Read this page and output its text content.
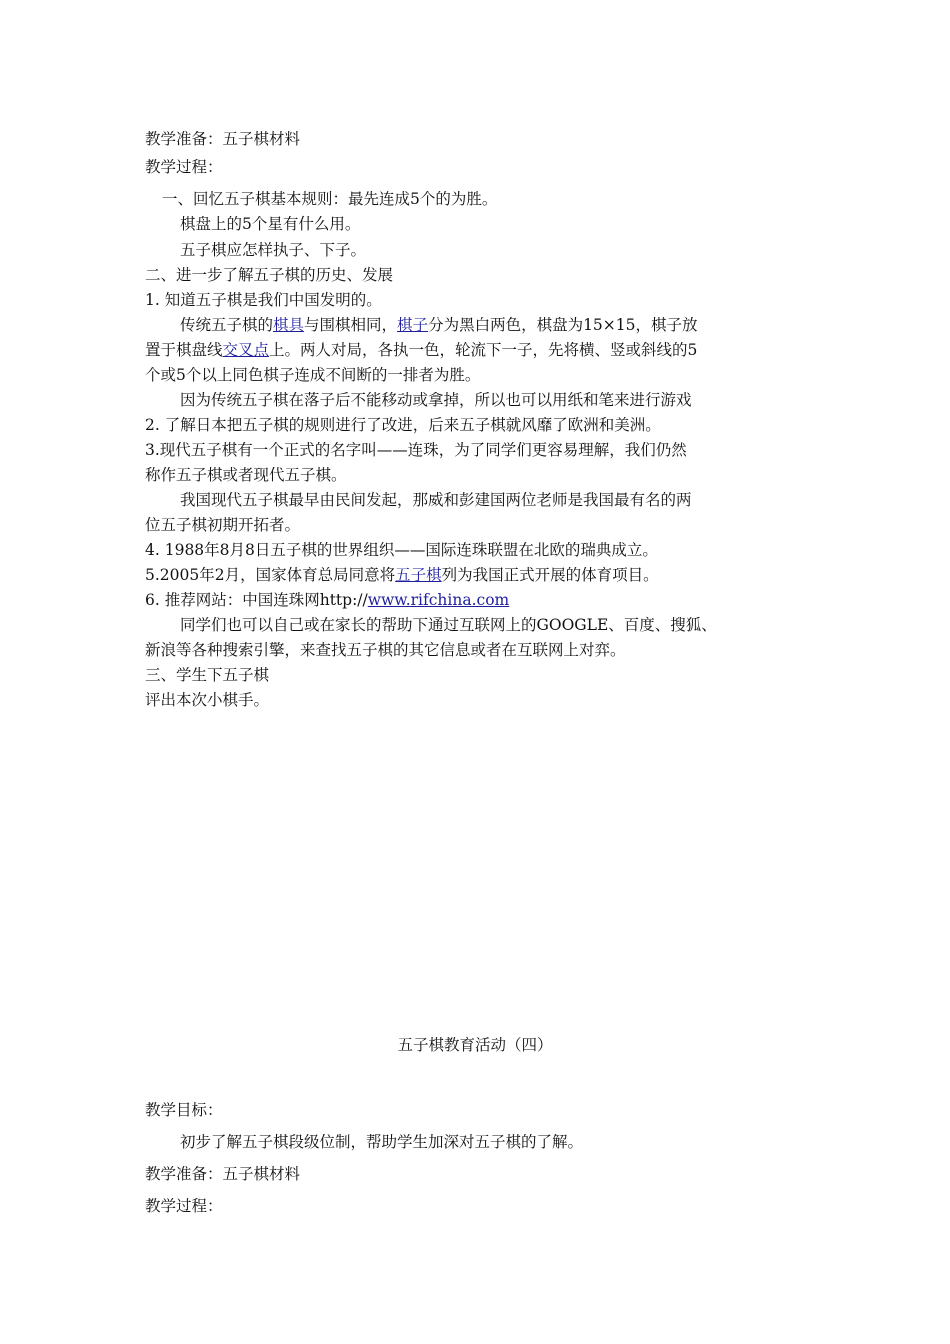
教学准备：五子棋材料
教学过程：
一、回忆五子棋基本规则：最先连成5个的为胜。
棋盘上的5个星有什么用。
五子棋应怎样执子、下子。
二、进一步了解五子棋的历史、发展
1. 知道五子棋是我们中国发明的。
传统五子棋的棋具与围棋相同，棋子分为黑白两色，棋盘为15×15，棋子放
置于棋盘线交叉点上。两人对局，各执一色，轮流下一子，先将横、竖或斜线的5
个或5个以上同色棋子连成不间断的一排者为胜。
因为传统五子棋在落子后不能移动或拿掉，所以也可以用纸和笔来进行游戏
2. 了解日本把五子棋的规则进行了改进，后来五子棋就风靡了欧洲和美洲。
3.现代五子棋有一个正式的名字叫——连珠，为了同学们更容易理解，我们仍然
称作五子棋或者现代五子棋。
我国现代五子棋最早由民间发起，那威和彭建国两位老师是我国最有名的两
位五子棋初期开拓者。
4. 1988年8月8日五子棋的世界组织——国际连珠联盟在北欧的瑞典成立。
5.2005年2月，国家体育总局同意将五子棋列为我国正式开展的体育项目。
6. 推荐网站：中国连珠网http://www.rifchina.com
同学们也可以自己或在家长的帮助下通过互联网上的GOOGLE、百度、搜狐、
新浪等各种搜索引擎，来查找五子棋的其它信息或者在互联网上对弈。
三、学生下五子棋
评出本次小棋手。
五子棋教育活动（四）
教学目标：
初步了解五子棋段级位制，帮助学生加深对五子棋的了解。
教学准备：五子棋材料
教学过程：
